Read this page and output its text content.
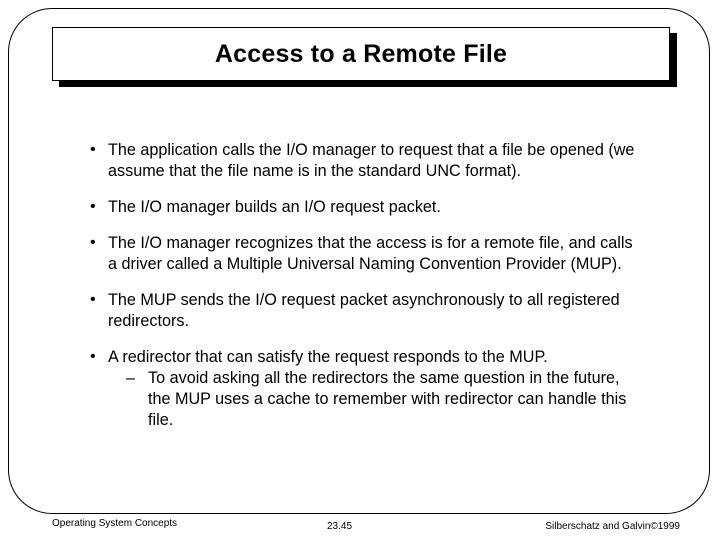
Access to a Remote File
• The application calls the I/O manager to request that a file be opened (we assume that the file name is in the standard UNC format).
• The I/O manager builds an I/O request packet.
• The I/O manager recognizes that the access is for a remote file, and calls a driver called a Multiple Universal Naming Convention Provider (MUP).
• The MUP sends the I/O request packet asynchronously to all registered redirectors.
• A redirector that can satisfy the request responds to the MUP.
– To avoid asking all the redirectors the same question in the future, the MUP uses a cache to remember with redirector can handle this file.
Operating System Concepts	23.45	Silberschatz and Galvin©1999
